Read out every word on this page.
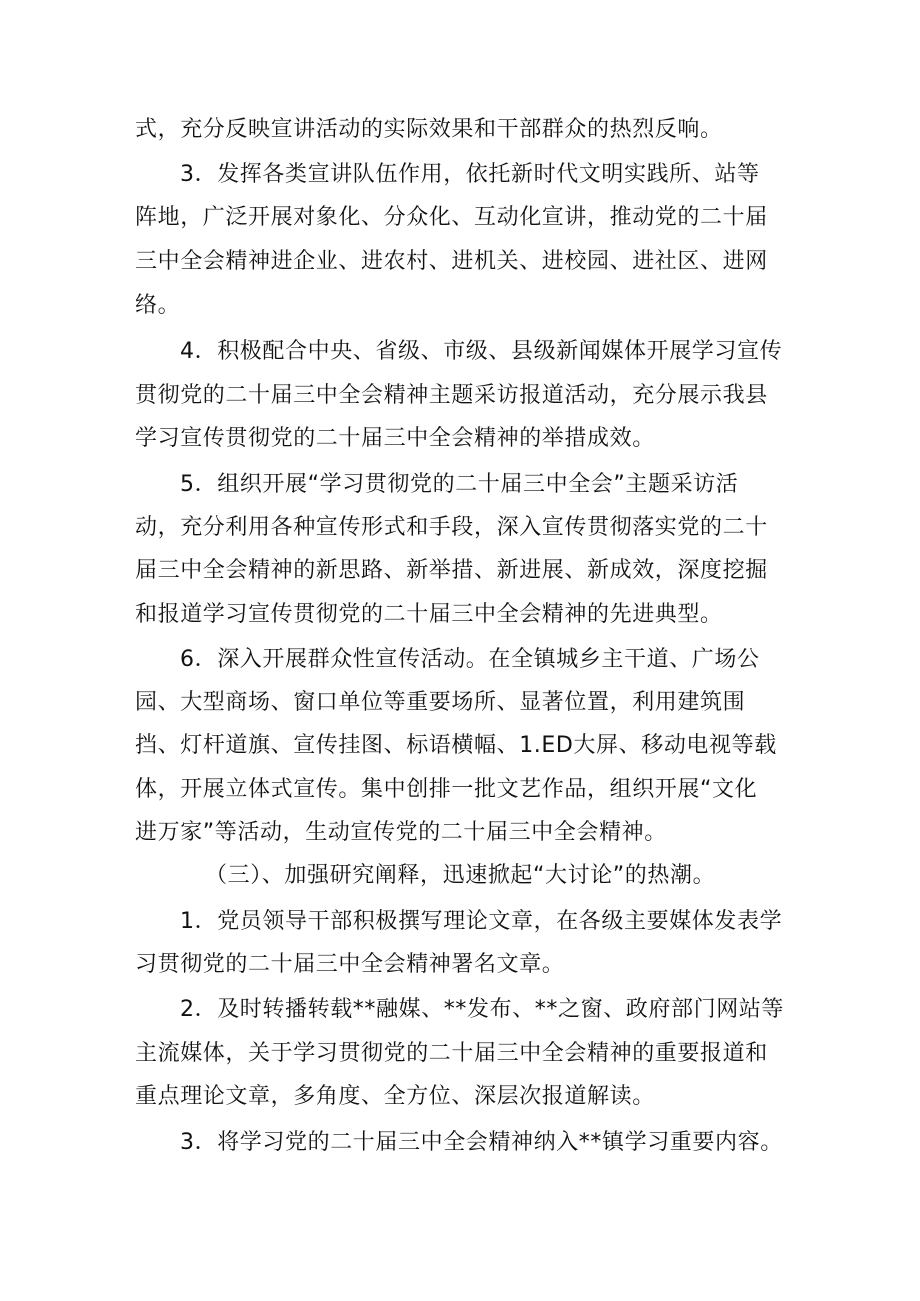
式，充分反映宣讲活动的实际效果和干部群众的热烈反响。
3．发挥各类宣讲队伍作用，依托新时代文明实践所、站等
阵地，广泛开展对象化、分众化、互动化宣讲，推动党的二十届
三中全会精神进企业、进农村、进机关、进校园、进社区、进网
络。
4．积极配合中央、省级、市级、县级新闻媒体开展学习宣传
贯彻党的二十届三中全会精神主题采访报道活动，充分展示我县
学习宣传贯彻党的二十届三中全会精神的举措成效。
5．组织开展“学习贯彻党的二十届三中全会”主题采访活
动，充分利用各种宣传形式和手段，深入宣传贯彻落实党的二十
届三中全会精神的新思路、新举措、新进展、新成效，深度挖掘
和报道学习宣传贯彻党的二十届三中全会精神的先进典型。
6．深入开展群众性宣传活动。在全镇城乡主干道、广场公
园、大型商场、窗口单位等重要场所、显著位置，利用建筑围
挡、灯杆道旗、宣传挂图、标语横幅、1.ED大屏、移动电视等载
体，开展立体式宣传。集中创排一批文艺作品，组织开展“文化
进万家”等活动，生动宣传党的二十届三中全会精神。
（三）、加强研究阐释，迅速掀起“大讨论”的热潮。
1．党员领导干部积极撰写理论文章，在各级主要媒体发表学
习贯彻党的二十届三中全会精神署名文章。
2．及时转播转载**融媒、**发布、**之窗、政府部门网站等
主流媒体，关于学习贯彻党的二十届三中全会精神的重要报道和
重点理论文章，多角度、全方位、深层次报道解读。
3．将学习党的二十届三中全会精神纳入**镇学习重要内容。
